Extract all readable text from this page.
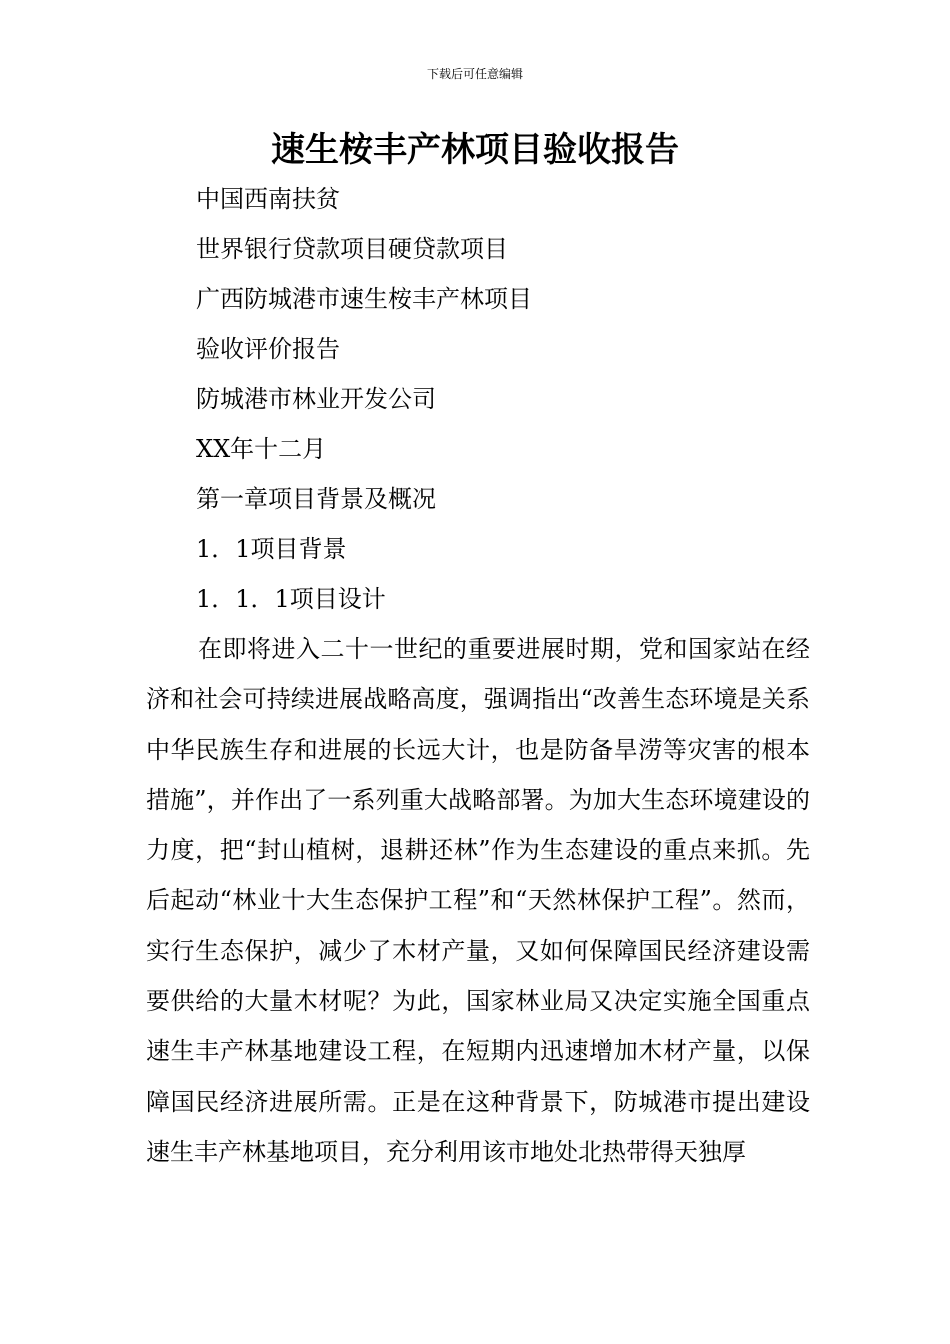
下载后可任意编辑
速生桉丰产林项目验收报告
中国西南扶贫
世界银行贷款项目硬贷款项目
广西防城港市速生桉丰产林项目
验收评价报告
防城港市林业开发公司
XX年十二月
第一章项目背景及概况
1．1项目背景
1．1．1项目设计

在即将进入二十一世纪的重要进展时期，党和国家站在经济和社会可持续进展战略高度，强调指出“改善生态环境是关系中华民族生存和进展的长远大计，也是防备旱涝等灾害的根本措施”，并作出了一系列重大战略部署。为加大生态环境建设的力度，把“封山植树，退耕还林”作为生态建设的重点来抓。先后起动“林业十大生态保护工程”和“天然林保护工程”。然而，实行生态保护，减少了木材产量，又如何保障国民经济建设需要供给的大量木材呢？为此，国家林业局又决定实施全国重点速生丰产林基地建设工程，在短期内迅速增加木材产量，以保障国民经济进展所需。正是在这种背景下，防城港市提出建设速生丰产林基地项目，充分利用该市地处北热带得天独厚
